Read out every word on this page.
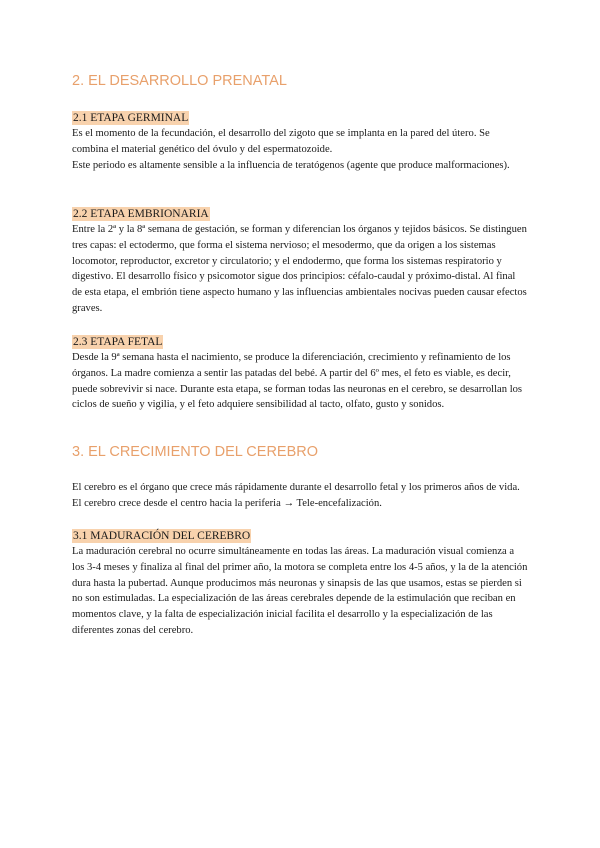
2. EL DESARROLLO PRENATAL

2.1 ETAPA GERMINAL

Es el momento de la fecundación, el desarrollo del zigoto que se implanta en la pared del útero. Se combina el material genético del óvulo y del espermatozoide.

Este periodo es altamente sensible a la influencia de teratógenos (agente que produce malformaciones).

2.2 ETAPA EMBRIONARIA

Entre la 2ª y la 8ª semana de gestación, se forman y diferencian los órganos y tejidos básicos. Se distinguen tres capas: el ectodermo, que forma el sistema nervioso; el mesodermo, que da origen a los sistemas locomotor, reproductor, excretor y circulatorio; y el endodermo, que forma los sistemas respiratorio y digestivo. El desarrollo físico y psicomotor sigue dos principios: céfalo-caudal y próximo-distal. Al final de esta etapa, el embrión tiene aspecto humano y las influencias ambientales nocivas pueden causar efectos graves.

2.3 ETAPA FETAL

Desde la 9ª semana hasta el nacimiento, se produce la diferenciación, crecimiento y refinamiento de los órganos. La madre comienza a sentir las patadas del bebé. A partir del 6º mes, el feto es viable, es decir, puede sobrevivir si nace. Durante esta etapa, se forman todas las neuronas en el cerebro, se desarrollan los ciclos de sueño y vigilia, y el feto adquiere sensibilidad al tacto, olfato, gusto y sonidos.

3. EL CRECIMIENTO DEL CEREBRO

El cerebro es el órgano que crece más rápidamente durante el desarrollo fetal y los primeros años de vida. El cerebro crece desde el centro hacia la periferia → Tele-encefalización.

3.1 MADURACIÓN DEL CEREBRO

La maduración cerebral no ocurre simultáneamente en todas las áreas. La maduración visual comienza a los 3-4 meses y finaliza al final del primer año, la motora se completa entre los 4-5 años, y la de la atención dura hasta la pubertad. Aunque producimos más neuronas y sinapsis de las que usamos, estas se pierden si no son estimuladas. La especialización de las áreas cerebrales depende de la estimulación que reciban en momentos clave, y la falta de especialización inicial facilita el desarrollo y la especialización de las diferentes zonas del cerebro.
